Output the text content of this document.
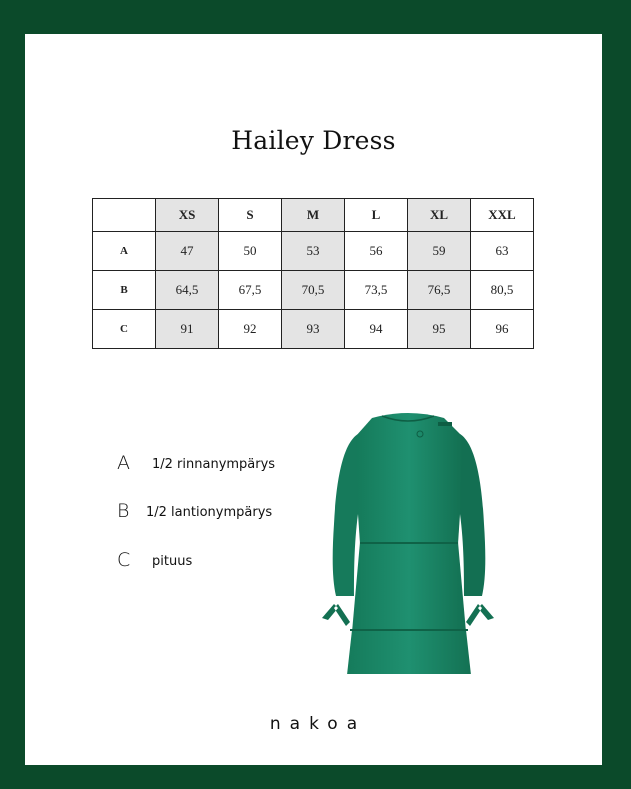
Hailey Dress
	XS	S	M	L	XL	XXL
A	47	50	53	56	59	63
B	64,5	67,5	70,5	73,5	76,5	80,5
C	91	92	93	94	95	96
A 1/2 rinnanympärys
B 1/2 lantionympärys
C pituus
nakoa
